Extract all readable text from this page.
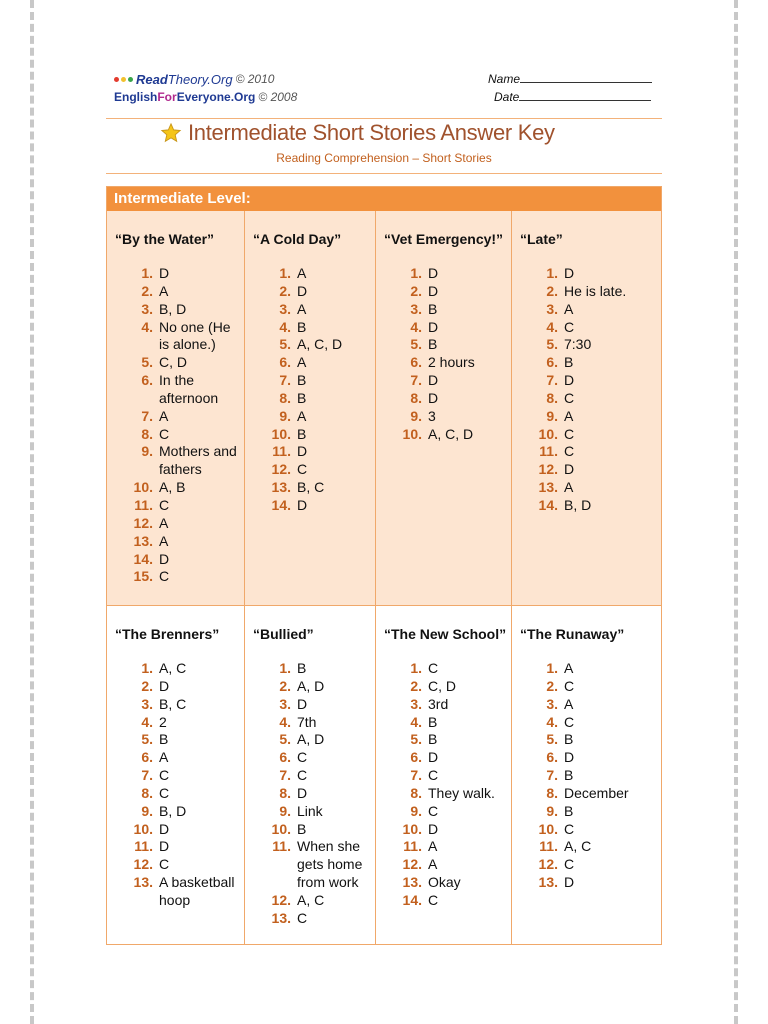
Read Theory.Org © 2010
English For Everyone.Org © 2008
Name
Date
Intermediate Short Stories Answer Key
Reading Comprehension – Short Stories
Intermediate Level:
“By the Water”
1. D
2. A
3. B, D
4. No one (He is alone.)
5. C, D
6. In the afternoon
7. A
8. C
9. Mothers and fathers
10. A, B
11. C
12. A
13. A
14. D
15. C
“A Cold Day”
1. A
2. D
3. A
4. B
5. A, C, D
6. A
7. B
8. B
9. A
10. B
11. D
12. C
13. B, C
14. D
“Vet Emergency!”
1. D
2. D
3. B
4. D
5. B
6. 2 hours
7. D
8. D
9. 3
10. A, C, D
“Late”
1. D
2. He is late.
3. A
4. C
5. 7:30
6. B
7. D
8. C
9. A
10. C
11. C
12. D
13. A
14. B, D
“The Brenners”
1. A, C
2. D
3. B, C
4. 2
5. B
6. A
7. C
8. C
9. B, D
10. D
11. D
12. C
13. A basketball hoop
“Bullied”
1. B
2. A, D
3. D
4. 7th
5. A, D
6. C
7. C
8. D
9. Link
10. B
11. When she gets home from work
12. A, C
13. C
“The New School”
1. C
2. C, D
3. 3rd
4. B
5. B
6. D
7. C
8. They walk.
9. C
10. D
11. A
12. A
13. Okay
14. C
“The Runaway”
1. A
2. C
3. A
4. C
5. B
6. D
7. B
8. December
9. B
10. C
11. A, C
12. C
13. D
